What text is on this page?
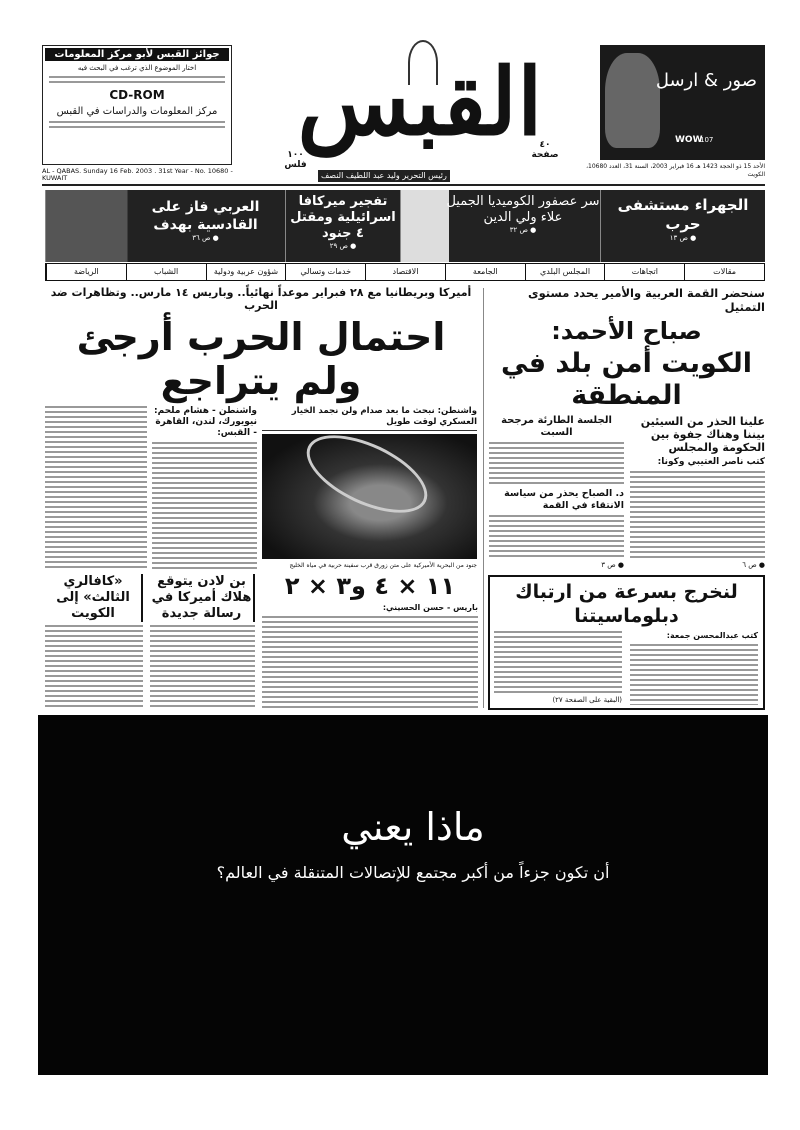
جوائز القبس لأبو مركز المعلومات
اختار الموضوع الذي ترغب في البحث فيه
CD-ROM
مركز المعلومات والدراسات في القبس
AL - QABAS. Sunday 16 Feb. 2003 . 31st Year - No. 10680 - KUWAIT
القبس
١٠٠ فلس
رئيس التحرير وليد عبد اللطيف النصف
٤٠ صفحة
صور & ارسل
WOW
107
الأحد 15 ذو الحجة 1423 هـ 16 فبراير 2003، السنة 31، العدد 10680، الكويت
الجهراء مستشفى حرب
● ص ١٣
سر عصفور الكوميديا الجميل علاء ولي الدين
● ص ٣٢
تفجير ميركافا اسرائيلية ومقتل ٤ جنود
● ص ٢٩
العربي فاز على القادسية بهدف
● ص ٣٦
مقالات
اتجاهات
المجلس البلدي
الجامعة
الاقتصاد
خدمات وتسالي
شؤون عربية ودولية
الشباب
الرياضة
سنحضر القمة العربية والأمير يحدد مستوى التمثيل
صباح الأحمد:
الكويت أمن بلد في المنطقة
علينا الحذر من السيئين بيننا وهناك جفوة بين الحكومة والمجلس
كتب ناصر العتيبي وكونا:
● ص ٦
الجلسة الطارئة مرجحة السبت
د. الصباح يحذر من سياسة الانتقاء في القمة
● ص ٣
أميركا وبريطانيا مع ٢٨ فبراير موعداً نهائياً.. وباريس ١٤ مارس.. وتظاهرات ضد الحرب
احتمال الحرب أرجئ ولم يتراجع
واشنطن - هشام ملحم: نيويورك، لندن، القاهرة - القبس:
واشنطن: نبحث ما بعد صدام ولن نجمد الخيار العسكري لوقت طويل
جنود من البحرية الأميركية على متن زورق قرب سفينة حربية في مياه الخليج
«كافالري الثالث» إلى الكويت
بن لادن يتوقع هلاك أميركا في رسالة جديدة
١١ × ٤ و٣ × ٢
باريس - حسن الحسيني:
لنخرج بسرعة من ارتباك دبلوماسيتنا
(البقية على الصفحة ٢٧)
كتب عبدالمحسن جمعة:
ماذا يعني
أن تكون جزءاً من أكبر مجتمع للإتصالات المتنقلة في العالم؟
